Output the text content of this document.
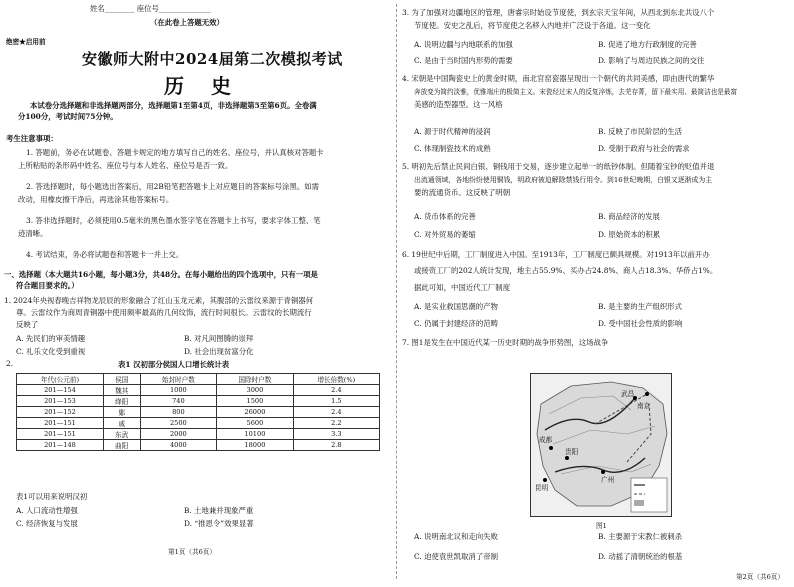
姓名________ 座位号______________
（在此卷上答题无效）
绝密★启用前
安徽师大附中2024届第二次模拟考试
历 史
本试卷分选择题和非选择题两部分，选择题第1至第4页，非选择题第5至第6页。全卷满
分100分，考试时间75分钟。
考生注意事项：
1. 答题前，务必在试题卷、答题卡规定的地方填写自己的姓名、座位号，并认真核对答题卡
上所粘贴的条形码中姓名、座位号与本人姓名、座位号是否一致。
2. 答选择题时，每小题选出答案后，用2B铅笔把答题卡上对应题目的答案标号涂黑。如需
改动，用橡皮擦干净后，再选涂其他答案标号。
3. 答非选择题时，必须使用0.5毫米的黑色墨水签字笔在答题卡上书写，要求字体工整、笔
迹清晰。
4. 考试结束，务必将试题卷和答题卡一并上交。
一、选择题（本大题共16小题，每小题3分，共48分。在每小题给出的四个选项中，只有一项是
符合题目要求的。）
1. 2024年央视春晚吉祥物龙辰辰的形象融合了红山玉龙元素，其腹部的云雷纹来源于青铜器何
尊。云雷纹作为商周青铜器中使用频率最高的几何纹饰，流行时间很长。云雷纹的长期流行
反映了
A. 先民们的审美情趣	B. 对凡间图腾的崇拜
C. 礼乐文化受到重视	D. 社会出现贫富分化
2.	表1 汉初部分侯国人口增长统计表
年代(公元前)	侯国	始封时户数	国除时户数	增长倍数(%)
201—154	魏其	1000	3000	2.4
201—153	绛阳	740	1500	1.5
201—152	鄚	800	26000	2.4
201—151	戚	2500	5600	2.2
201—151	东武	2000	10100	3.3
201—148	曲阳	4000	18000	2.8
表1可以用来说明汉初
A. 人口流动性增强	B. 土地兼并现象严重
C. 经济恢复与发展	D. “推恩令”效果显著
第1页（共6页）
3. 为了加强对边疆地区的管理，唐睿宗时始设节度使，到玄宗天宝年间，从西北到东北共设八个
节度使。安史之乱后，将节度使之名移入内地并广泛设于各道。这一变化
A. 说明边疆与内地联系的加强	B. 促进了地方行政制度的完善
C. 是由于当时国内形势的需要	D. 影响了与周边民族之间的交往
4. 宋朝是中国陶瓷史上的黄金时期，南北官窑瓷器呈现出一个朝代的共同美感，即由唐代的繁华
奔放变为简约淡雅，优雅端庄的极简主义。宋瓷经过宋人的反复淬炼，去芜存菁，留下最实用、最简洁也是最富
美感的造型器型。这一风格
A. 源于时代精神的浸润	B. 反映了市民阶层的生活
C. 体现制瓷技术的成熟	D. 受制于政府与社会的需求
5. 明初先后禁止民间白银、铜钱用于交易，逐步建立起单一的纸钞体制。但随着宝钞的贬值并退
出流通领域，各地纷纷使用铜钱，明政府被迫解除禁钱行用令。到16世纪晚期，白银又逐渐成为主
要的流通货币。这反映了明朝
A. 货币体系的完善	B. 商品经济的发展
C. 对外贸易的萎缩	D. 原始资本的积累
6. 19世纪中后期，工厂制度进入中国。至1913年，工厂制度已颇具规模。对1913年以前开办
或接资工厂的202人统计发现，地主占55.9%、买办占24.8%、商人占18.3%、华侨占1%。
据此可知，中国近代工厂制度
A. 是实业救国思潮的产物	B. 是主要的生产组织形式
C. 仍属于封建经济的范畴	D. 受中国社会性质的影响
7. 图1是发生在中国近代某一历史时期的战争形势图，这场战争
武昌
南京
成都
贵阳
广州
昆明
图1
A. 说明南北议和走向失败	B. 主要源于宋教仁被刺杀
C. 迫使袁世凯取消了帝制	D. 动摇了清朝统治的根基
第2页（共6页）
